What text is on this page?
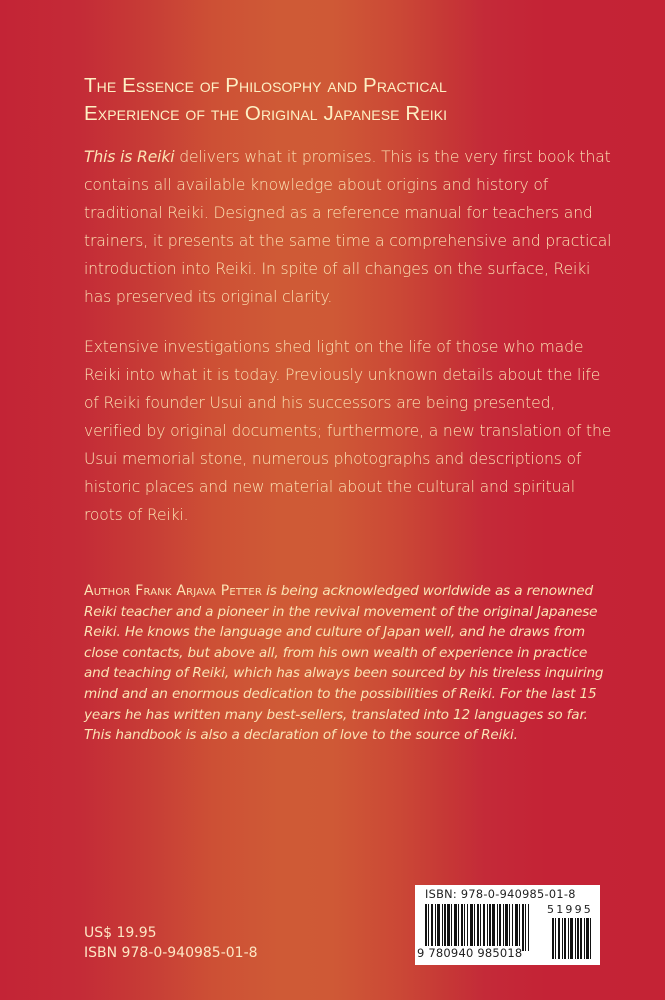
The Essence of Philosophy and Practical
Experience of the Original Japanese Reiki
This is Reiki delivers what it promises. This is the very first book that contains all available knowledge about origins and history of traditional Reiki. Designed as a reference manual for teachers and trainers, it presents at the same time a comprehensive and practical introduction into Reiki. In spite of all changes on the surface, Reiki has preserved its original clarity.
Extensive investigations shed light on the life of those who made Reiki into what it is today. Previously unknown details about the life of Reiki founder Usui and his successors are being presented, verified by original documents; furthermore, a new translation of the Usui memorial stone, numerous photographs and descriptions of historic places and new material about the cultural and spiritual roots of Reiki.
Author Frank Arjava Petter is being acknowledged worldwide as a renowned Reiki teacher and a pioneer in the revival movement of the original Japanese Reiki. He knows the language and culture of Japan well, and he draws from close contacts, but above all, from his own wealth of experience in practice and teaching of Reiki, which has always been sourced by his tireless inquiring mind and an enormous dedication to the possibilities of Reiki. For the last 15 years he has written many best-sellers, translated into 12 languages so far. This handbook is also a declaration of love to the source of Reiki.
US$ 19.95
ISBN 978-0-940985-01-8
ISBN: 978-0-940985-01-8
51995
9 780940 985018
